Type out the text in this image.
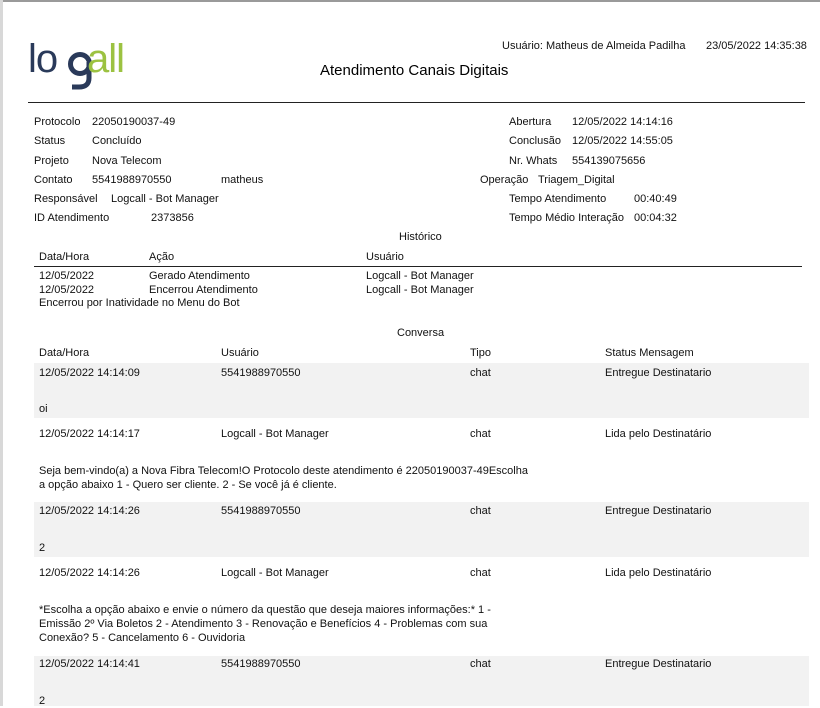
lo all	Usuário: Matheus de Almeida Padilha 23/05/2022 14:35:38
Atendimento Canais Digitais
Protocolo 22050190037-49
Status Concluído
Projeto Nova Telecom
Contato 5541988970550	matheus
Responsável Logcall - Bot Manager
ID Atendimento	2373856
Abertura 12/05/2022 14:14:16
Conclusão 12/05/2022 14:55:05
Nr. Whats 554139075656
Operação Triagem_Digital
Tempo Atendimento	00:40:49
Tempo Médio Interação 00:04:32
Histórico
Data/Hora	Ação	Usuário
12/05/2022	Gerado Atendimento	Logcall - Bot Manager
12/05/2022	Encerrou Atendimento	Logcall - Bot Manager
Encerrou por Inatividade no Menu do Bot
Conversa
Data/Hora	Usuário	Tipo	Status Mensagem
12/05/2022 14:14:09	5541988970550	chat	Entregue Destinatario
oi
12/05/2022 14:14:17	Logcall - Bot Manager	chat	Lida pelo Destinatário
Seja bem-vindo(a) a Nova Fibra Telecom!O Protocolo deste atendimento é 22050190037-49Escolha a opção abaixo 1 - Quero ser cliente. 2 - Se você já é cliente.
12/05/2022 14:14:26	5541988970550	chat	Entregue Destinatario
2
12/05/2022 14:14:26	Logcall - Bot Manager	chat	Lida pelo Destinatário
*Escolha a opção abaixo e envie o número da questão que deseja maiores informações:* 1 - Emissão 2º Via Boletos 2 - Atendimento 3 - Renovação e Benefícios 4 - Problemas com sua Conexão? 5 - Cancelamento 6 - Ouvidoria
12/05/2022 14:14:41	5541988970550	chat	Entregue Destinatario
2
